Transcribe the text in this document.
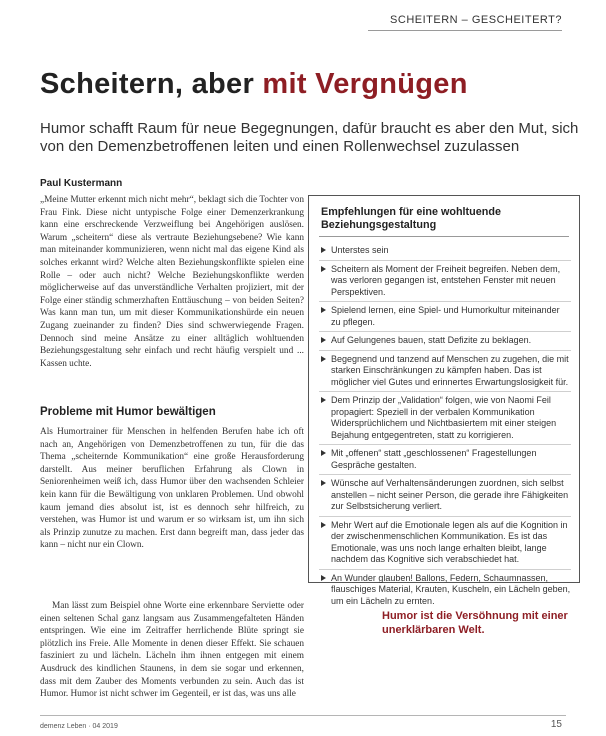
SCHEITERN – GESCHEITERT?
Scheitern, aber mit Vergnügen
Humor schafft Raum für neue Begegnungen, dafür braucht es aber den Mut, sich von den Demenzbetroffenen leiten und einen Rollenwechsel zuzulassen
Paul Kustermann
„Meine Mutter erkennt mich nicht mehr“, beklagt sich die Tochter von Frau Fink. Diese nicht untypische Folge einer Demenzerkrankung kann eine erschreckende Verzweiflung bei Angehörigen auslösen. Warum „scheitern“ diese als vertraute Beziehungsebene? Wie kann man miteinander kommunizieren, wenn nicht mal das eigene Kind als solches erkannt wird? Welche alten Beziehungskonflikte spielen eine Rolle – oder auch nicht? Welche Beziehungskonflikte werden möglicherweise auf das unverständliche Verhalten projiziert, mit der Folge einer ständig schmerzhaften Enttäuschung – von beiden Seiten? Was kann man tun, um mit dieser Kommunikationshürde ein neuen Zugang zueinander zu finden? Dies sind schwerwiegende Fragen. Dennoch sind meine Ansätze zu einer alltäglich wohltuenden Beziehungsgestaltung sehr einfach und recht häufig verspielt und ... Kassen uchte.
Probleme mit Humor bewältigen
Als Humortrainer für Menschen in helfenden Berufen habe ich oft nach an, Angehörigen von Demenzbetroffenen zu tun, für die das Thema „scheiternde Kommunikation“ eine große Herausforderung darstellt. Aus meiner beruflichen Erfahrung als Clown in Seniorenheimen weiß ich, dass Humor über den wachsenden Schleier kein kann für die Bewältigung von unklaren Problemen. Und obwohl kaum jemand dies absolut ist, ist es dennoch sehr hilfreich, zu verstehen, was Humor ist und warum er so wirksam ist, um ihn sich als Prinzip zunutze zu machen. Erst dann begreift man, dass jeder das kann – nicht nur ein Clown.
Man lässt zum Beispiel ohne Worte eine erkennbare Serviette oder einen seltenen Schal ganz langsam aus Zusammengefalteten Händen entspringen. Wie eine im Zeitraffer herrlichende Blüte springt sie plötzlich ins Freie. Alle Momente in denen dieser Effekt. Sie schauen fasziniert zu und lächeln. Lächeln ihm ihnen entgegen mit einem Ausdruck des kindlichen Staunens, in dem sie sogar und erkennen, dass mit dem Zauber des Moments verbunden zu sein. Auch das ist Humor. Humor ist nicht schwer im Gegenteil, er ist das, was uns alle
Empfehlungen für eine wohltuende Beziehungsgestaltung
Unterstes sein
Scheitern als Moment der Freiheit begreifen. Neben dem, was verloren gegangen ist, entstehen Fenster mit neuen Perspektiven.
Spielend lernen, eine Spiel- und Humorkultur miteinander zu pflegen.
Auf Gelungenes bauen, statt Defizite zu beklagen.
Begegnend und tanzend auf Menschen zu zugehen, die mit starken Einschränkungen zu kämpfen haben. Das ist möglicher viel Gutes und erinnertes Erwartungslosigkeit für.
Dem Prinzip der „Validation“ folgen, wie von Naomi Feil propagiert: Speziell in der verbalen Kommunikation Widersprüchlichem und Nichtbasiertem mit einer steigen Bejahung entgegentreten, statt zu korrigieren.
Mit „offenen“ statt „geschlossenen“ Fragestellungen Gespräche gestalten.
Wünsche auf Verhaltensänderungen zuordnen, sich selbst anstellen – nicht seiner Person, die gerade ihre Fähigkeiten zur Selbstsicherung verliert.
Mehr Wert auf die Emotionale legen als auf die Kognition in der zwischenmenschlichen Kommunikation. Es ist das Emotionale, was uns noch lange erhalten bleibt, lange nachdem das Kognitive sich verabschiedet hat.
An Wunder glauben! Ballons, Federn, Schaumnassen, flauschiges Material, Krauten, Kuscheln, ein Lächeln geben, um ein Lächeln zu ernten.
Humor ist die Versöhnung mit einer unerklärbaren Welt.
demenz Leben · 04 2019	15
